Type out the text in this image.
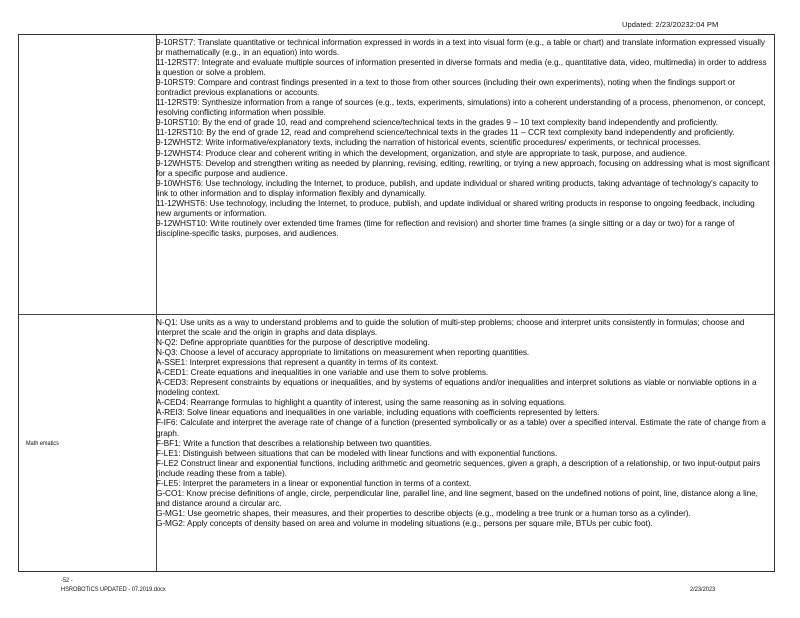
Updated: 2/23/20232:04 PM

9-10RST7: Translate quantitative or technical information expressed in words in a text into visual form (e.g., a table or chart) and translate information expressed visually or mathematically (e.g., in an equation) into words.

11-12RST7: Integrate and evaluate multiple sources of information presented in diverse formats and media (e.g., quantitative data, video, multimedia) in order to address a question or solve a problem.

9-10RST9: Compare and contrast findings presented in a text to those from other sources (including their own experiments), noting when the findings support or contradict previous explanations or accounts.

11-12RST9: Synthesize information from a range of sources (e.g., texts, experiments, simulations) into a coherent understanding of a process, phenomenon, or concept, resolving conflicting information when possible.

9-10RST10: By the end of grade 10, read and comprehend science/technical texts in the grades 9 – 10 text complexity band independently and proficiently.

11-12RST10: By the end of grade 12, read and comprehend science/technical texts in the grades 11 – CCR text complexity band independently and proficiently.

9-12WHST2: Write informative/explanatory texts, including the narration of historical events, scientific procedures/ experiments, or technical processes.

9-12WHST4: Produce clear and coherent writing in which the development, organization, and style are appropriate to task, purpose, and audience.

9-12WHST5: Develop and strengthen writing as needed by planning, revising, editing, rewriting, or trying a new approach, focusing on addressing what is most significant for a specific purpose and audience.

9-10WHST6: Use technology, including the Internet, to produce, publish, and update individual or shared writing products, taking advantage of technology's capacity to link to other information and to display information flexibly and dynamically.

11-12WHST6: Use technology, including the Internet, to produce, publish, and update individual or shared writing products in response to ongoing feedback, including new arguments or information.

9-12WHST10: Write routinely over extended time frames (time for reflection and revision) and shorter time frames (a single sitting or a day or two) for a range of discipline-specific tasks, purposes, and audiences.

Math ematics

N-Q1: Use units as a way to understand problems and to guide the solution of multi-step problems; choose and interpret units consistently in formulas; choose and interpret the scale and the origin in graphs and data displays.

N-Q2: Define appropriate quantities for the purpose of descriptive modeling.

N-Q3: Choose a level of accuracy appropriate to limitations on measurement when reporting quantities.

A-SSE1: Interpret expressions that represent a quantity in terms of its context.

A-CED1: Create equations and inequalities in one variable and use them to solve problems.

A-CED3: Represent constraints by equations or inequalities, and by systems of equations and/or inequalities and interpret solutions as viable or nonviable options in a modeling context.

A-CED4: Rearrange formulas to highlight a quantity of interest, using the same reasoning as in solving equations.

A-REI3: Solve linear equations and inequalities in one variable, including equations with coefficients represented by letters.

F-IF6: Calculate and interpret the average rate of change of a function (presented symbolically or as a table) over a specified interval. Estimate the rate of change from a graph.

F-BF1: Write a function that describes a relationship between two quantities.

F-LE1: Distinguish between situations that can be modeled with linear functions and with exponential functions.

F-LE2 Construct linear and exponential functions, including arithmetic and geometric sequences, given a graph, a description of a relationship, or two input-output pairs (include reading these from a table).

F-LE5: Interpret the parameters in a linear or exponential function in terms of a context.

G-CO1: Know precise definitions of angle, circle, perpendicular line, parallel line, and line segment, based on the undefined notions of point, line, distance along a line, and distance around a circular arc.

G-MG1: Use geometric shapes, their measures, and their properties to describe objects (e.g., modeling a tree trunk or a human torso as a cylinder).

G-MG2: Apply concepts of density based on area and volume in modeling situations (e.g., persons per square mile, BTUs per cubic foot).

-52 -
HSROBOTICS UPDATED - 07.2019.docx	2/23/2023
